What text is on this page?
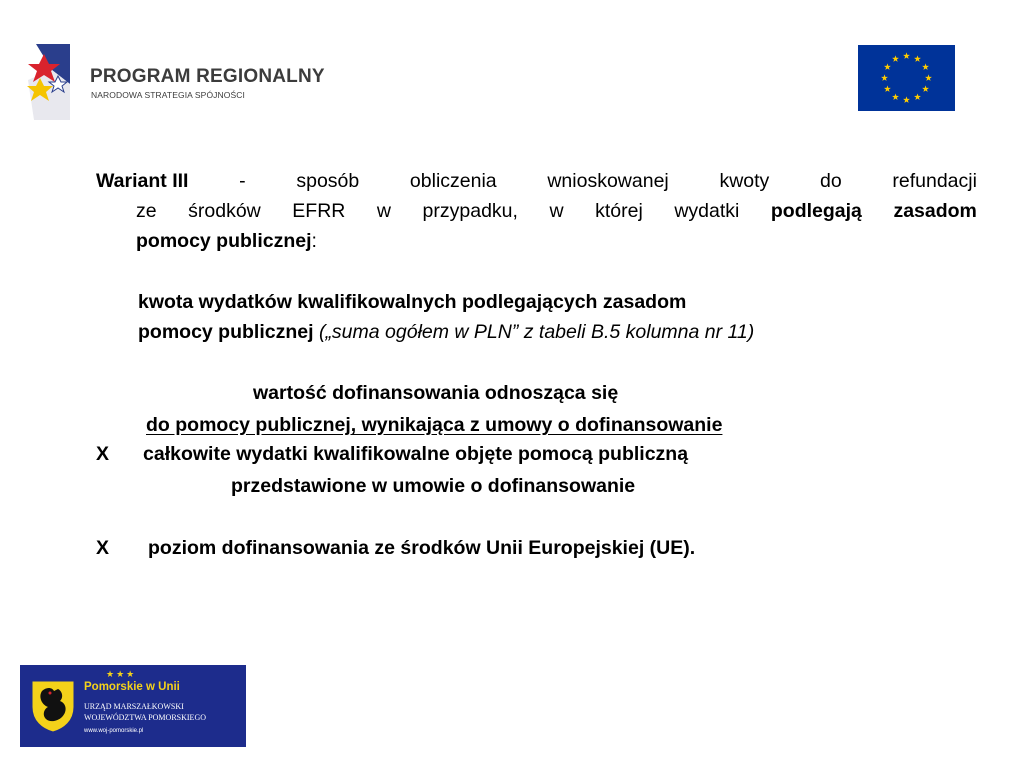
PROGRAM REGIONALNY
NARODOWA STRATEGIA SPÓJNOŚCI
Wariant III	-	sposób	obliczenia	wnioskowanej	kwoty	do	refundacji
ze środków EFRR w przypadku, w której wydatki podlegają zasadom
pomocy publicznej:
kwota wydatków kwalifikowalnych podlegających zasadom
pomocy publicznej („suma ogółem w PLN” z tabeli B.5 kolumna nr 11)
wartość dofinansowania odnosząca się
do pomocy publicznej, wynikająca z umowy o dofinansowanie
X całkowite wydatki kwalifikowalne objęte pomocą publiczną
przedstawione w umowie o dofinansowanie
X poziom dofinansowania ze środków Unii Europejskiej (UE).
★★★
Pomorskie w Unii
URZĄD MARSZAŁKOWSKI
WOJEWÓDZTWA POMORSKIEGO
www.woj-pomorskie.pl
